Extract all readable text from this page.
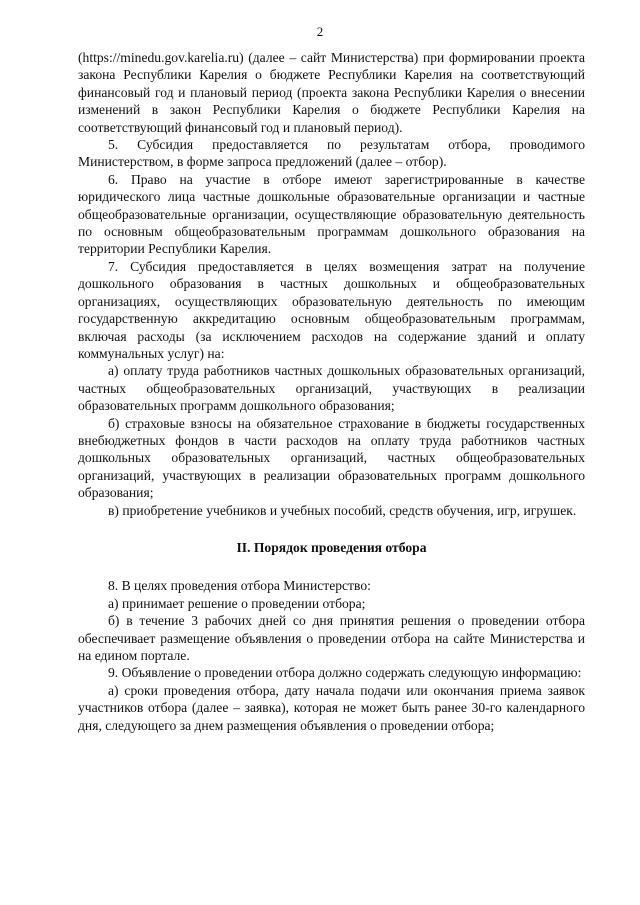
2

(https://minedu.gov.karelia.ru) (далее – сайт Министерства) при формировании проекта закона Республики Карелия о бюджете Республики Карелия на соответствующий финансовый год и плановый период (проекта закона Республики Карелия о внесении изменений в закон Республики Карелия о бюджете Республики Карелия на соответствующий финансовый год и плановый период).

5. Субсидия предоставляется по результатам отбора, проводимого Министерством, в форме запроса предложений (далее – отбор).

6. Право на участие в отборе имеют зарегистрированные в качестве юридического лица частные дошкольные образовательные организации и частные общеобразовательные организации, осуществляющие образовательную деятельность по основным общеобразовательным программам дошкольного образования на территории Республики Карелия.

7. Субсидия предоставляется в целях возмещения затрат на получение дошкольного образования в частных дошкольных и общеобразовательных организациях, осуществляющих образовательную деятельность по имеющим государственную аккредитацию основным общеобразовательным программам, включая расходы (за исключением расходов на содержание зданий и оплату коммунальных услуг) на:

а) оплату труда работников частных дошкольных образовательных организаций, частных общеобразовательных организаций, участвующих в реализации образовательных программ дошкольного образования;

б) страховые взносы на обязательное страхование в бюджеты государственных внебюджетных фондов в части расходов на оплату труда работников частных дошкольных образовательных организаций, частных общеобразовательных организаций, участвующих в реализации образовательных программ дошкольного образования;

в) приобретение учебников и учебных пособий, средств обучения, игр, игрушек.

II. Порядок проведения отбора

8. В целях проведения отбора Министерство:

а) принимает решение о проведении отбора;

б) в течение 3 рабочих дней со дня принятия решения о проведении отбора обеспечивает размещение объявления о проведении отбора на сайте Министерства и на едином портале.

9. Объявление о проведении отбора должно содержать следующую информацию:

а) сроки проведения отбора, дату начала подачи или окончания приема заявок участников отбора (далее – заявка), которая не может быть ранее 30-го календарного дня, следующего за днем размещения объявления о проведении отбора;
